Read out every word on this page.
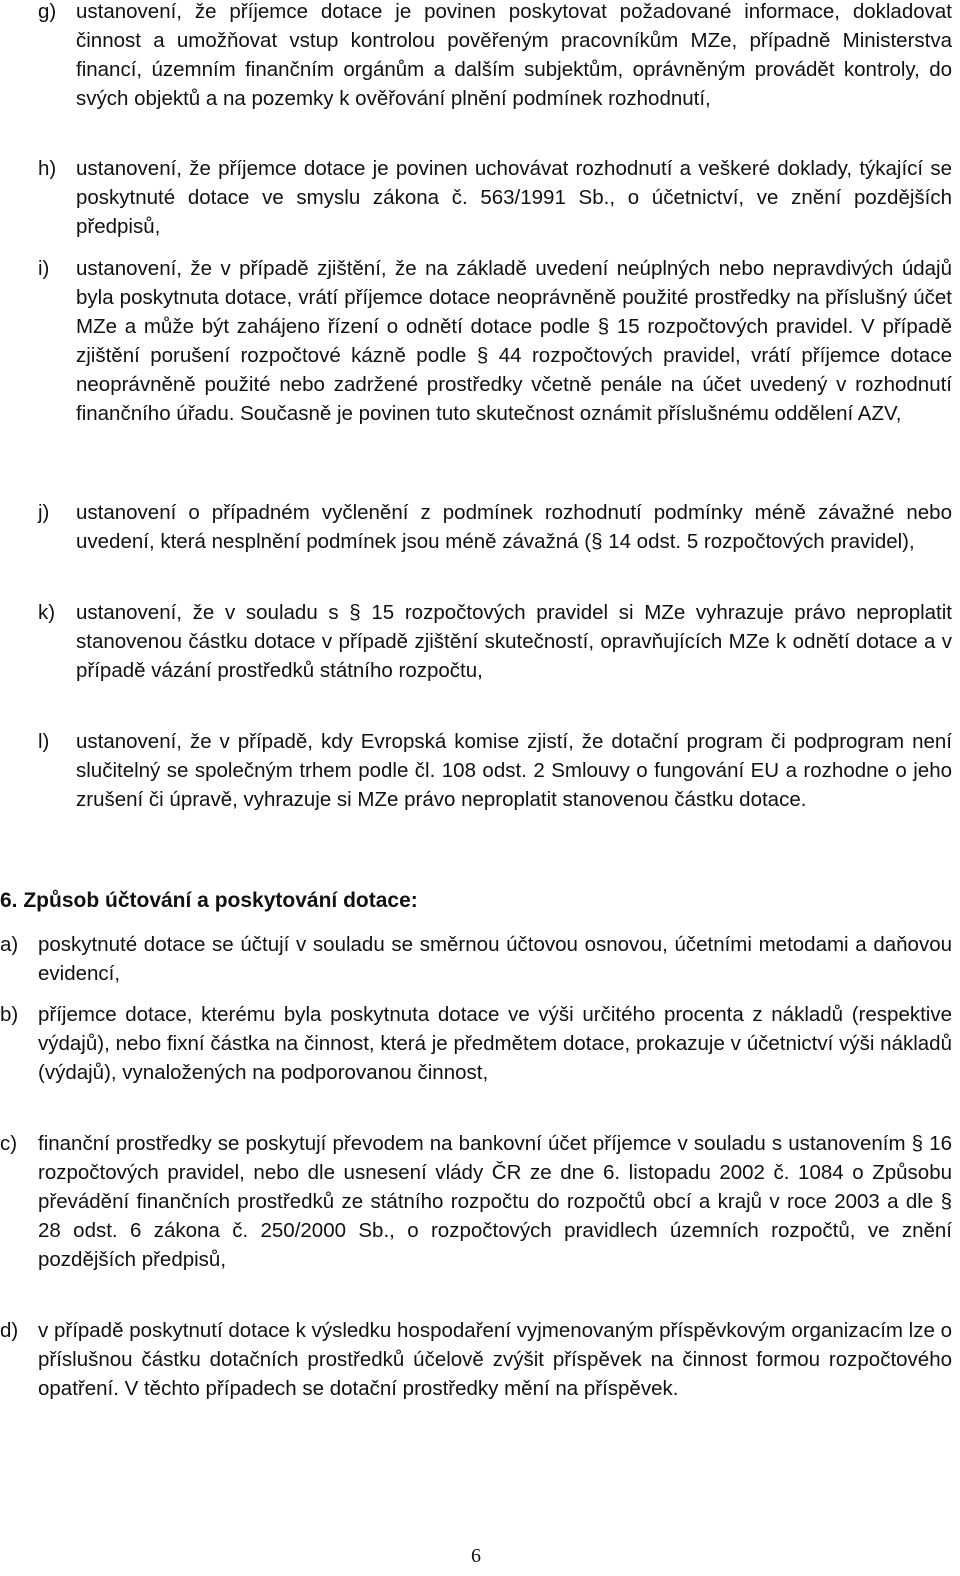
g) ustanovení, že příjemce dotace je povinen poskytovat požadované informace, dokladovat činnost a umožňovat vstup kontrolou pověřeným pracovníkům MZe, případně Ministerstva financí, územním finančním orgánům a dalším subjektům, oprávněným provádět kontroly, do svých objektů a na pozemky k ověřování plnění podmínek rozhodnutí,
h) ustanovení, že příjemce dotace je povinen uchovávat rozhodnutí a veškeré doklady, týkající se poskytnuté dotace ve smyslu zákona č. 563/1991 Sb., o účetnictví, ve znění pozdějších předpisů,
i) ustanovení, že v případě zjištění, že na základě uvedení neúplných nebo nepravdivých údajů byla poskytnuta dotace, vrátí příjemce dotace neoprávněně použité prostředky na příslušný účet MZe a může být zahájeno řízení o odnětí dotace podle § 15 rozpočtových pravidel. V případě zjištění porušení rozpočtové kázně podle § 44 rozpočtových pravidel, vrátí příjemce dotace neoprávněně použité nebo zadržené prostředky včetně penále na účet uvedený v rozhodnutí finančního úřadu. Současně je povinen tuto skutečnost oznámit příslušnému oddělení AZV,
j) ustanovení o případném vyčlenění z podmínek rozhodnutí podmínky méně závažné nebo uvedení, která nesplnění podmínek jsou méně závažná (§ 14 odst. 5 rozpočtových pravidel),
k) ustanovení, že v souladu s § 15 rozpočtových pravidel si MZe vyhrazuje právo neproplatit stanovenou částku dotace v případě zjištění skutečností, opravňujících MZe k odnětí dotace a v případě vázání prostředků státního rozpočtu,
l) ustanovení, že v případě, kdy Evropská komise zjistí, že dotační program či podprogram není slučitelný se společným trhem podle čl. 108 odst. 2 Smlouvy o fungování EU a rozhodne o jeho zrušení či úpravě, vyhrazuje si MZe právo neproplatit stanovenou částku dotace.
6. Způsob účtování a poskytování dotace:
a) poskytnuté dotace se účtují v souladu se směrnou účtovou osnovou, účetními metodami a daňovou evidencí,
b) příjemce dotace, kterému byla poskytnuta dotace ve výši určitého procenta z nákladů (respektive výdajů), nebo fixní částka na činnost, která je předmětem dotace, prokazuje v účetnictví výši nákladů (výdajů), vynaložených na podporovanou činnost,
c) finanční prostředky se poskytují převodem na bankovní účet příjemce v souladu s ustanovením § 16 rozpočtových pravidel, nebo dle usnesení vlády ČR ze dne 6. listopadu 2002 č. 1084 o Způsobu převádění finančních prostředků ze státního rozpočtu do rozpočtů obcí a krajů v roce 2003 a dle § 28 odst. 6 zákona č. 250/2000 Sb., o rozpočtových pravidlech územních rozpočtů, ve znění pozdějších předpisů,
d) v případě poskytnutí dotace k výsledku hospodaření vyjmenovaným příspěvkovým organizacím lze o příslušnou částku dotačních prostředků účelově zvýšit příspěvek na činnost formou rozpočtového opatření. V těchto případech se dotační prostředky mění na příspěvek.
6
